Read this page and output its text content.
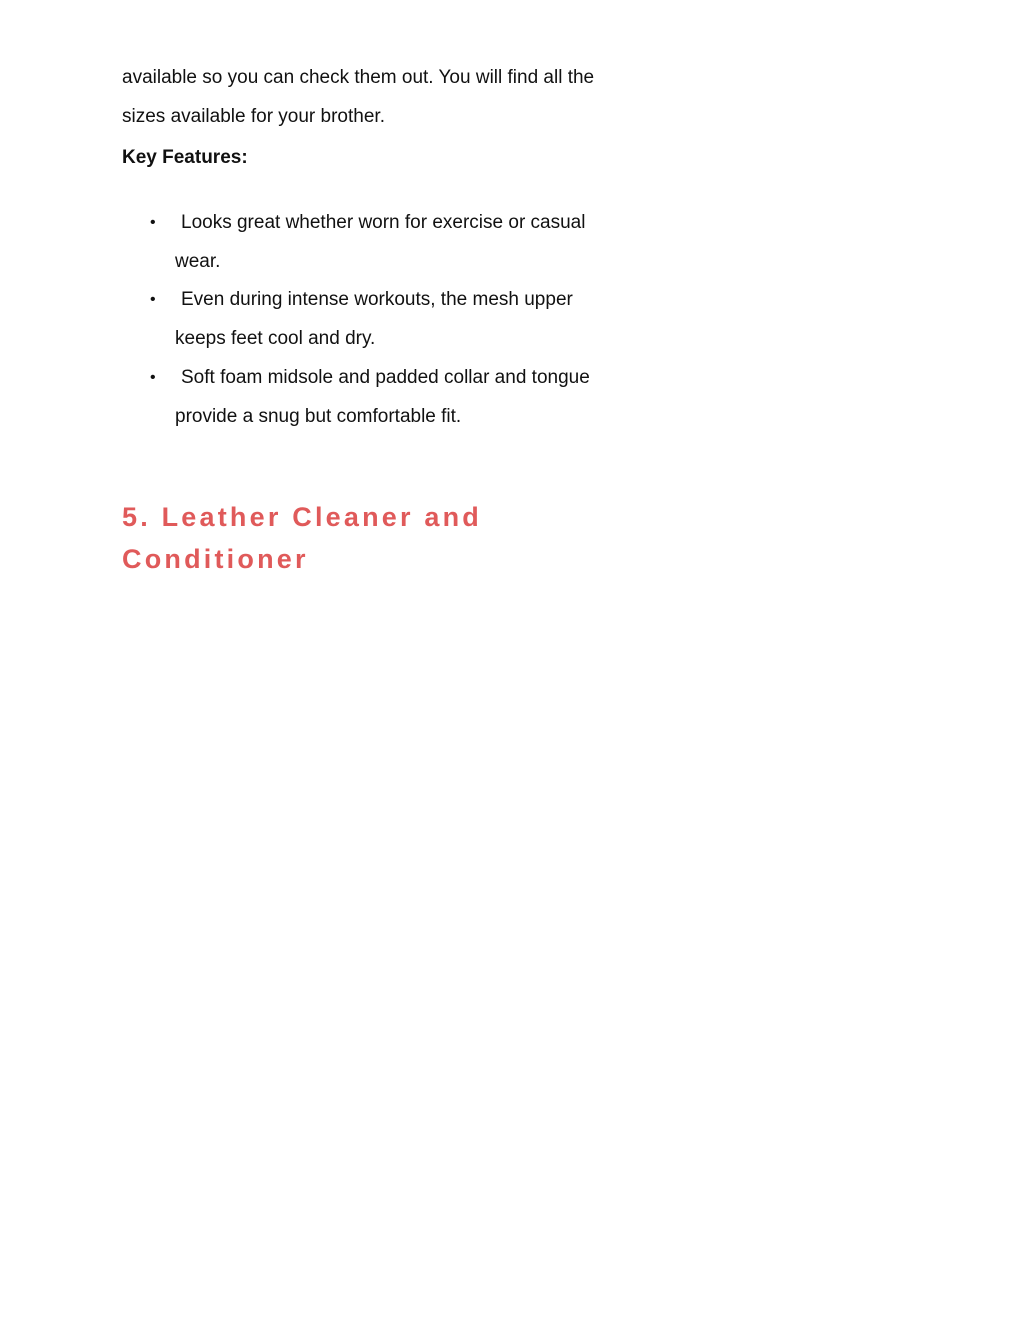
available so you can check them out. You will find all the sizes available for your brother.

Key Features:

• Looks great whether worn for exercise or casual wear.
• Even during intense workouts, the mesh upper keeps feet cool and dry.
• Soft foam midsole and padded collar and tongue provide a snug but comfortable fit.
5. Leather Cleaner and Conditioner
